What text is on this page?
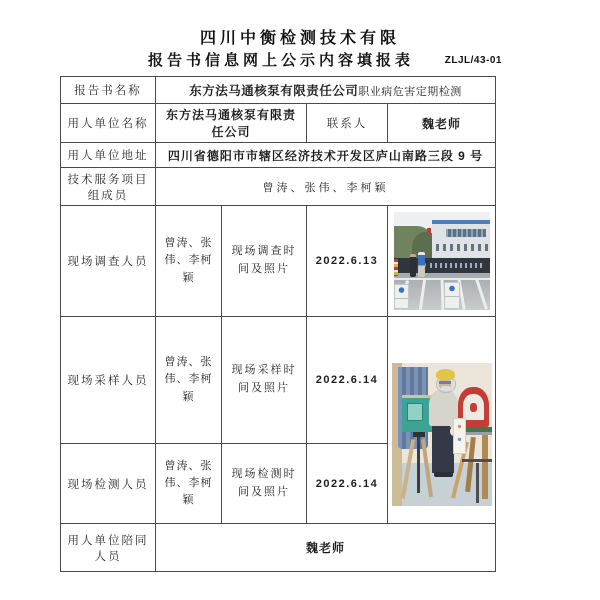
四川中衡检测技术有限
报告书信息网上公示内容填报表	ZLJL/43-01
报告书名称	东方法马通核泵有限责任公司职业病危害定期检测			
用人单位名称	东方法马通核泵有限责任公司		联系人	魏老师
用人单位地址	四川省德阳市市辖区经济技术开发区庐山南路三段 9 号			
技术服务项目组成员	曾涛、张伟、李柯颖			
现场调查人员	曾涛、张伟、李柯颖	现场调查时间及照片	2022.6.13	

现场采样人员	曾涛、张伟、李柯颖	现场采样时间及照片	2022.6.14	

现场检测人员	曾涛、张伟、李柯颖	现场检测时间及照片	2022.6.14	
用人单位陪同人员	魏老师			
